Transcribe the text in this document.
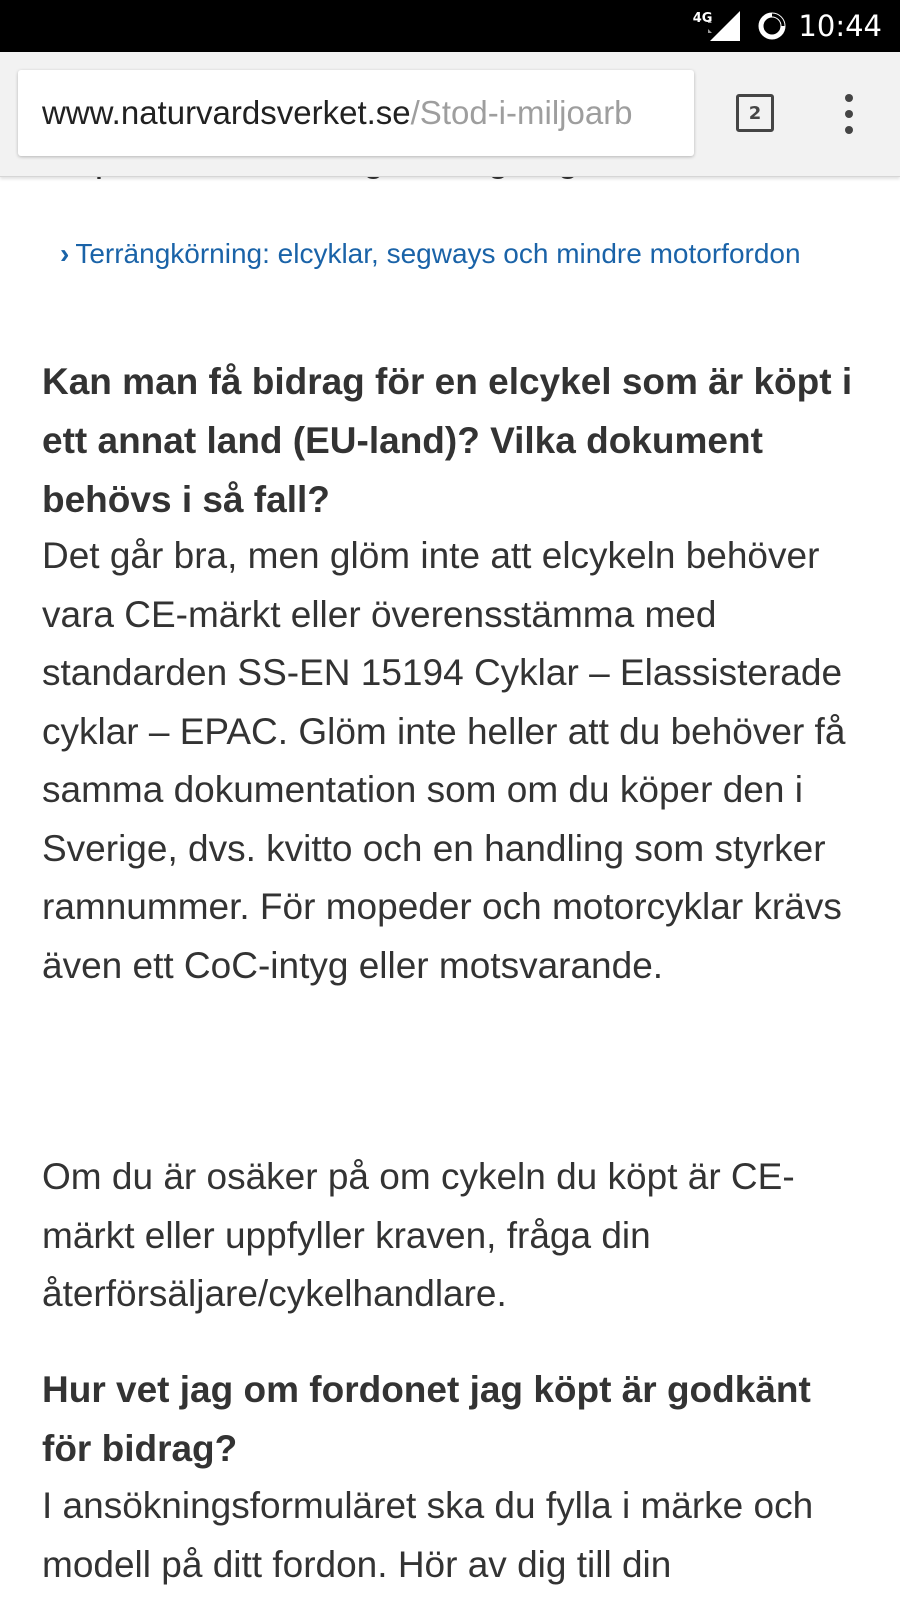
4G	10:44
www.naturvardsverket.se/Stod-i-miljoarb	2
› Terrängkörning: elcyklar, segways och mindre motorfordon
Kan man få bidrag för en elcykel som är köpt i ett annat land (EU-land)? Vilka dokument behövs i så fall?

Det går bra, men glöm inte att elcykeln behöver vara CE-märkt eller överensstämma med standarden SS-EN 15194 Cyklar – Elassisterade cyklar – EPAC. Glöm inte heller att du behöver få samma dokumentation som om du köper den i Sverige, dvs. kvitto och en handling som styrker ramnummer. För mopeder och motorcyklar krävs även ett CoC-intyg eller motsvarande.

Om du är osäker på om cykeln du köpt är CE-märkt eller uppfyller kraven, fråga din återförsäljare/cykelhandlare.

Hur vet jag om fordonet jag köpt är godkänt för bidrag?

I ansökningsformuläret ska du fylla i märke och modell på ditt fordon. Hör av dig till din
